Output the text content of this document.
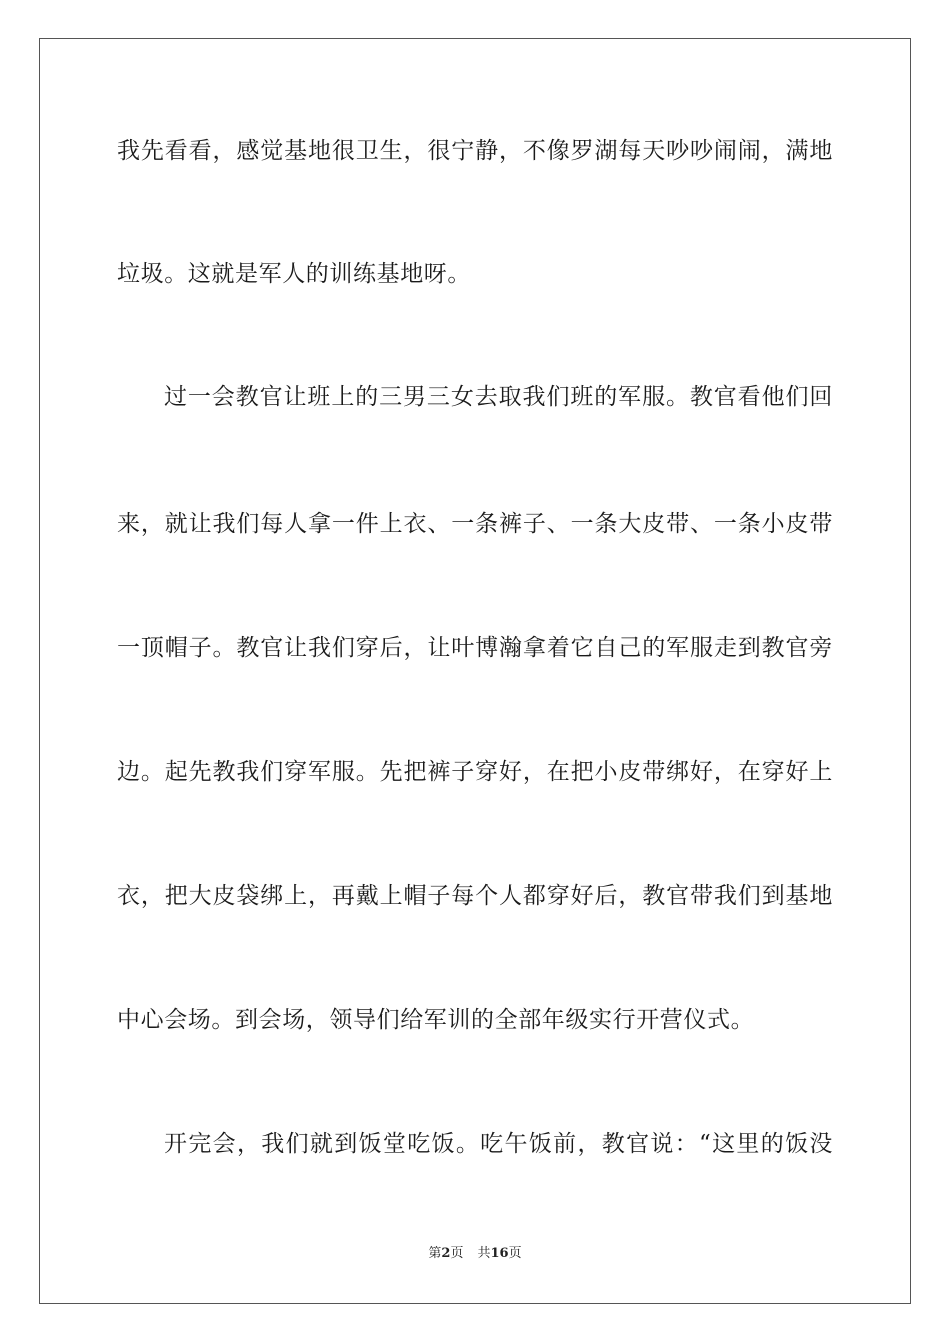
我先看看，感觉基地很卫生，很宁静，不像罗湖每天吵吵闹闹，满地
垃圾。这就是军人的训练基地呀。
过一会教官让班上的三男三女去取我们班的军服。教官看他们回
来，就让我们每人拿一件上衣、一条裤子、一条大皮带、一条小皮带
一顶帽子。教官让我们穿后，让叶博瀚拿着它自己的军服走到教官旁
边。起先教我们穿军服。先把裤子穿好，在把小皮带绑好，在穿好上
衣，把大皮袋绑上，再戴上帽子每个人都穿好后，教官带我们到基地
中心会场。到会场，领导们给军训的全部年级实行开营仪式。
开完会，我们就到饭堂吃饭。吃午饭前，教官说：“这里的饭没
第2页 共16页
